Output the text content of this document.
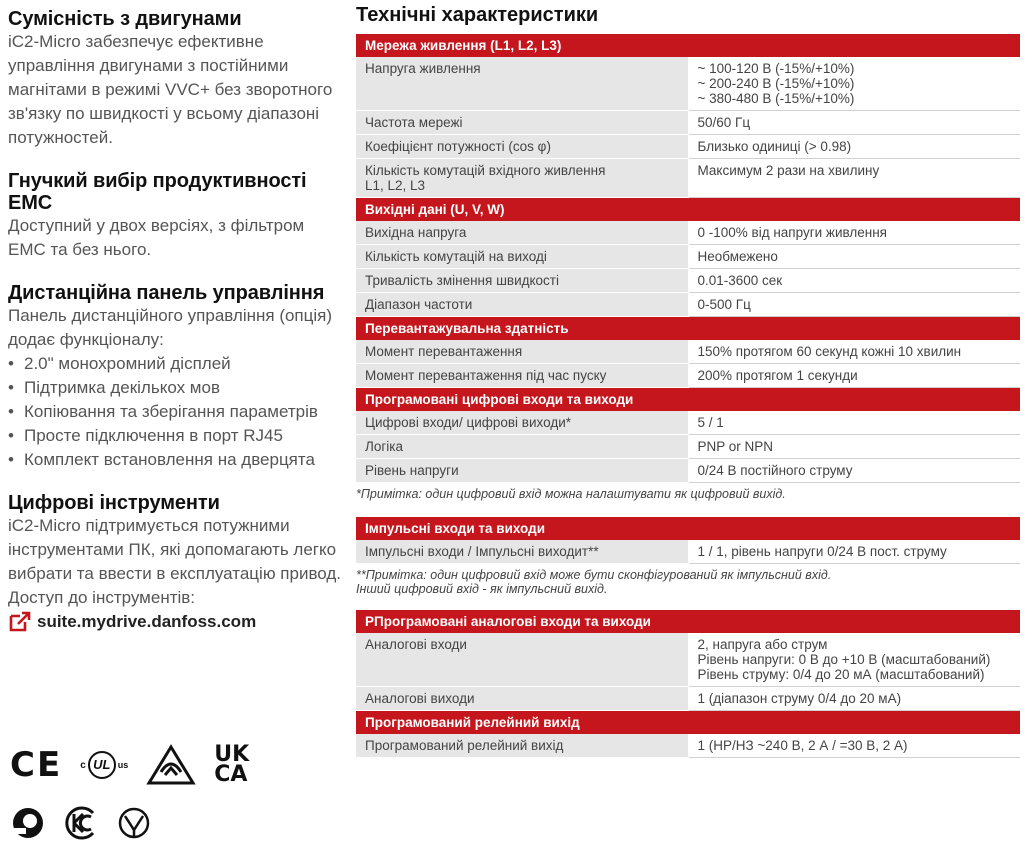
Сумісність з двигунами

iC2-Micro забезпечує ефективне управління двигунами з постійними магнітами в режимі VVC+ без зворотного зв'язку по швидкості у всьому діапазоні потужностей.

Гнучкий вибір продуктивності EMC

Доступний у двох версіях, з фільтром ЕМС та без нього.

Дистанційна панель управління

Панель дистанційного управління (опція) додає функціоналу:

• 2.0ʺ монохромний дісплей
• Підтримка декількох мов
• Копіювання та зберігання параметрів
• Просте підключення в порт RJ45
• Комплект встановлення на дверцята
Цифрові інструменти

iC2-Micro підтримується потужними інструментами ПК, які допомагають легко вибрати та ввести в експлуатацію привод.

Доступ до інструментів:

suite.mydrive.danfoss.com
CE c UL us	UK
CA
Технічні характеристики
Мережа живлення (L1, L2, L3)	
Напруга живлення	~ 100-120 В (-15%/+10%)
~ 200-240 В (-15%/+10%)
~ 380-480 В (-15%/+10%)
Частота мережі	50/60 Гц
Коефіцієнт потужності (cos φ)	Близько одиниці (> 0.98)
Кількість комутацій вхідного живлення
L1, L2, L3	Максимум 2 рази на хвилину
Вихідні дані (U, V, W)	
Вихідна напруга	0 -100% від напруги живлення
Кількість комутацій на виході	Необмежено
Тривалість змінення швидкості	0.01-3600 сек
Діапазон частоти	0-500 Гц
Перевантажувальна здатність	
Момент перевантаження	150% протягом 60 секунд кожні 10 хвилин
Момент перевантаження під час пуску	200% протягом 1 секунди
Програмовані цифрові входи та виходи	
Цифрові входи/ цифрові виходи*	5 / 1
Логіка	PNP or NPN
Рівень напруги	0/24 В постійного струму

*Примітка: один цифровий вхід можна налаштувати як цифровий вихід.

Імпульсні входи та виходи
Імпульсні входи / Імпульсні виходит**	1 / 1, рівень напруги 0/24 В пост. струму

**Примітка: один цифровий вхід може бути сконфігурований як імпульсний вхід.
Інший цифровий вхід - як імпульсний вихід.

РПрограмовані аналогові входи та виходи	
Аналогові входи	2, напруга або струм
Рівень напруги: 0 В до +10 В (масштабований)
Рівень струму: 0/4 до 20 мА (масштабований)
Аналогові виходи	1 (діапазон струму 0/4 до 20 мА)
Програмований релейний вихід	
Програмований релейний вихід	1 (НР/НЗ ~240 В, 2 А / =30 В, 2 А)
